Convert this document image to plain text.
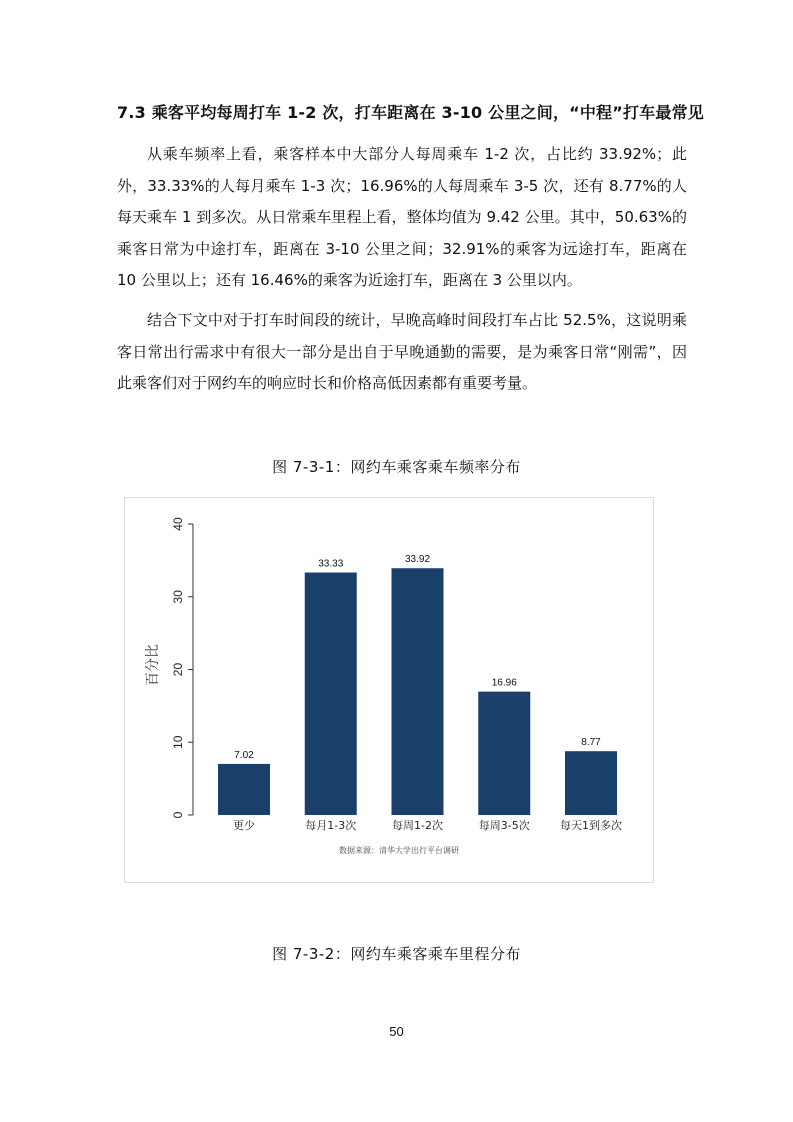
7.3 乘客平均每周打车 1-2 次，打车距离在 3-10 公里之间，“中程”打车最常见

从乘车频率上看，乘客样本中大部分人每周乘车 1-2 次，占比约 33.92%；此外，33.33%的人每月乘车 1-3 次；16.96%的人每周乘车 3-5 次，还有 8.77%的人每天乘车 1 到多次。从日常乘车里程上看，整体均值为 9.42 公里。其中，50.63%的乘客日常为中途打车，距离在 3-10 公里之间；32.91%的乘客为远途打车，距离在 10 公里以上；还有 16.46%的乘客为近途打车，距离在 3 公里以内。

结合下文中对于打车时间段的统计，早晚高峰时间段打车占比 52.5%，这说明乘客日常出行需求中有很大一部分是出自于早晚通勤的需要，是为乘客日常“刚需”，因此乘客们对于网约车的响应时长和价格高低因素都有重要考量。

图 7-3-1：网约车乘客乘车频率分布
0
10
20
30
40
百分比
7.02
更少
33.33
每月1-3次
33.92
每周1-2次
16.96
每周3-5次
8.77
每天1到多次
数据来源：清华大学出行平台调研
图 7-3-2：网约车乘客乘车里程分布
50
